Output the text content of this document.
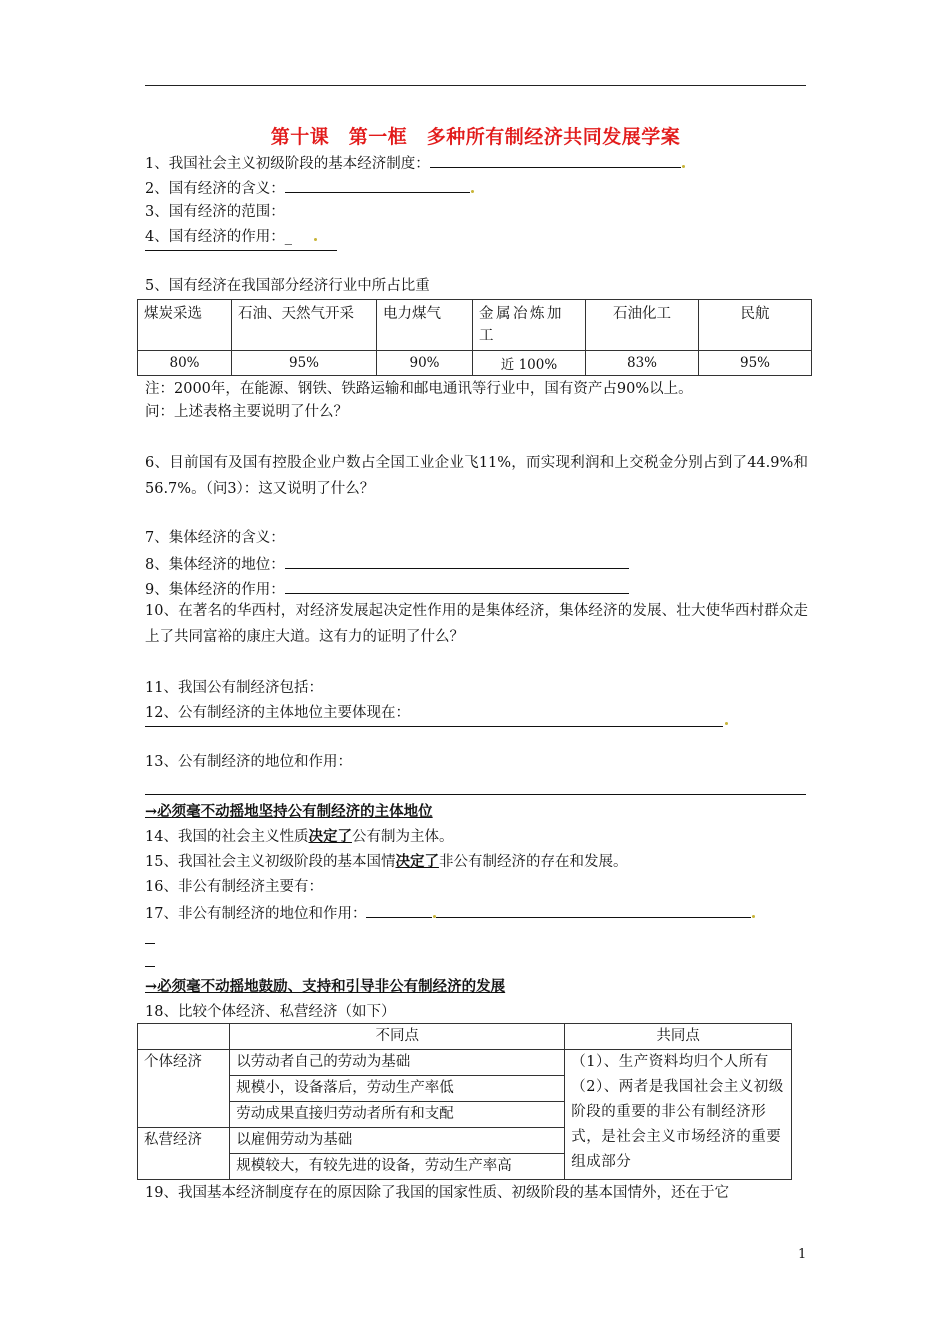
第十课　第一框　多种所有制经济共同发展学案
1、我国社会主义初级阶段的基本经济制度：
2、国有经济的含义：
3、国有经济的范围：
4、国有经济的作用：_
5、国有经济在我国部分经济行业中所占比重
煤炭采选	石油、天然气开采	电力煤气	金属冶炼加工	石油化工	民航
80%	95%	90%	近 100%	83%	95%
注：2000年，在能源、钢铁、铁路运输和邮电通讯等行业中，国有资产占90%以上。
问：上述表格主要说明了什么？
6、目前国有及国有控股企业户数占全国工业企业飞11%，而实现利润和上交税金分别占到了44.9%和56.7%。（问3）：这又说明了什么？
7、集体经济的含义：
8、集体经济的地位：
9、集体经济的作用：
10、在著名的华西村，对经济发展起决定性作用的是集体经济，集体经济的发展、壮大使华西村群众走上了共同富裕的康庄大道。这有力的证明了什么？
11、我国公有制经济包括：
12、公有制经济的主体地位主要体现在：
13、公有制经济的地位和作用：
→必须毫不动摇地坚持公有制经济的主体地位
14、我国的社会主义性质决定了公有制为主体。
15、我国社会主义初级阶段的基本国情决定了非公有制经济的存在和发展。
16、非公有制经济主要有：
17、非公有制经济的地位和作用：
→必须毫不动摇地鼓励、支持和引导非公有制经济的发展
18、比较个体经济、私营经济（如下）
	不同点	共同点
个体经济	以劳动者自己的劳动为基础	（1）、生产资料均归个人所有（2）、两者是我国社会主义初级阶段的重要的非公有制经济形式，是社会主义市场经济的重要组成部分
	规模小，设备落后，劳动生产率低	
	劳动成果直接归劳动者所有和支配	
私营经济	以雇佣劳动为基础	
	规模较大，有较先进的设备，劳动生产率高	
19、我国基本经济制度存在的原因除了我国的国家性质、初级阶段的基本国情外，还在于它
1
